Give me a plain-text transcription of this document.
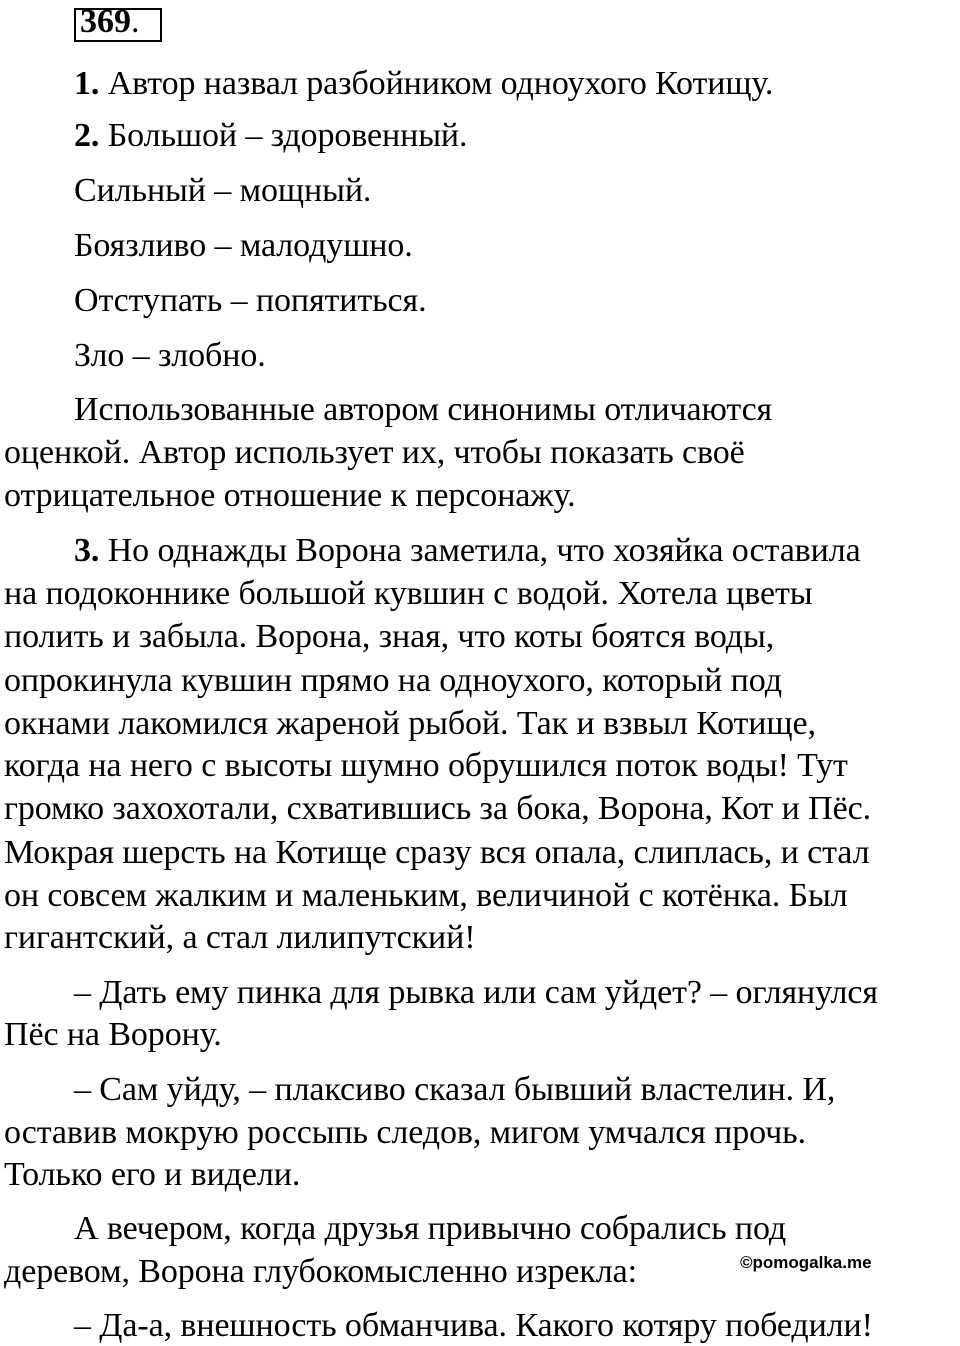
369.
1. Автор назвал разбойником одноухого Котищу.
2. Большой – здоровенный.
Сильный – мощный.
Боязливо – малодушно.
Отступать – попятиться.
Зло – злобно.
Использованные автором синонимы отличаются
оценкой. Автор использует их, чтобы показать своё
отрицательное отношение к персонажу.
3. Но однажды Ворона заметила, что хозяйка оставила
на подоконнике большой кувшин с водой. Хотела цветы
полить и забыла. Ворона, зная, что коты боятся воды,
опрокинула кувшин прямо на одноухого, который под
окнами лакомился жареной рыбой. Так и взвыл Котище,
когда на него с высоты шумно обрушился поток воды! Тут
громко захохотали, схватившись за бока, Ворона, Кот и Пёс.
Мокрая шерсть на Котище сразу вся опала, слиплась, и стал
он совсем жалким и маленьким, величиной с котёнка. Был
гигантский, а стал лилипутский!
– Дать ему пинка для рывка или сам уйдет? – оглянулся
Пёс на Ворону.
– Сам уйду, – плаксиво сказал бывший властелин. И,
оставив мокрую россыпь следов, мигом умчался прочь.
Только его и видели.
А вечером, когда друзья привычно собрались под
деревом, Ворона глубокомысленно изрекла:	©pomogalka.me
– Да-а, внешность обманчива. Какого котяру победили!
